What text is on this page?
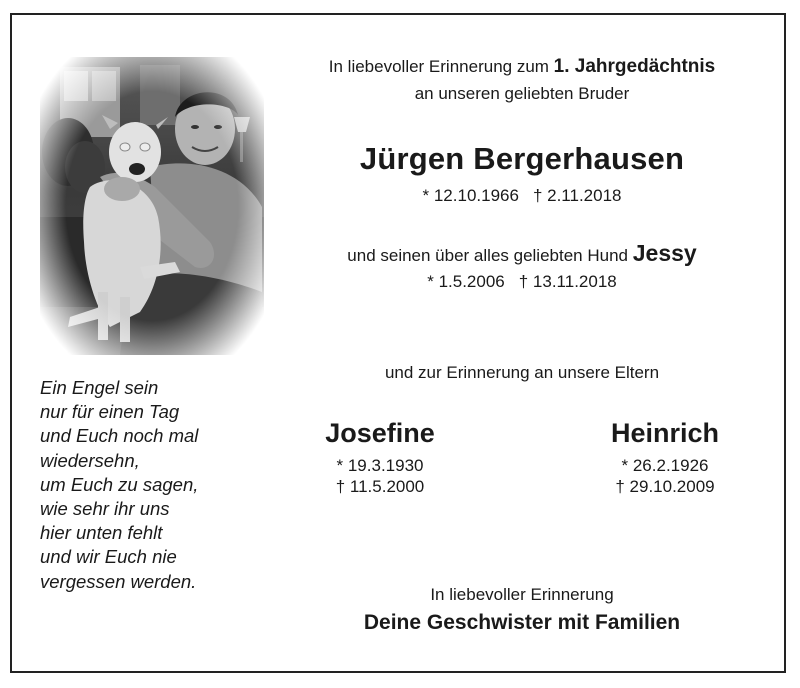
Ein Engel sein
nur für einen Tag
und Euch noch mal
wiedersehn,
um Euch zu sagen,
wie sehr ihr uns
hier unten fehlt
und wir Euch nie
vergessen werden.
In liebevoller Erinnerung zum 1. Jahrgedächtnis
an unseren geliebten Bruder
Jürgen Bergerhausen
* 12.10.1966 † 2.11.2018
und seinen über alles geliebten Hund Jessy
* 1.5.2006 † 13.11.2018
und zur Erinnerung an unsere Eltern
Josefine
* 19.3.1930
† 11.5.2000
Heinrich
* 26.2.1926
† 29.10.2009
In liebevoller Erinnerung
Deine Geschwister mit Familien
